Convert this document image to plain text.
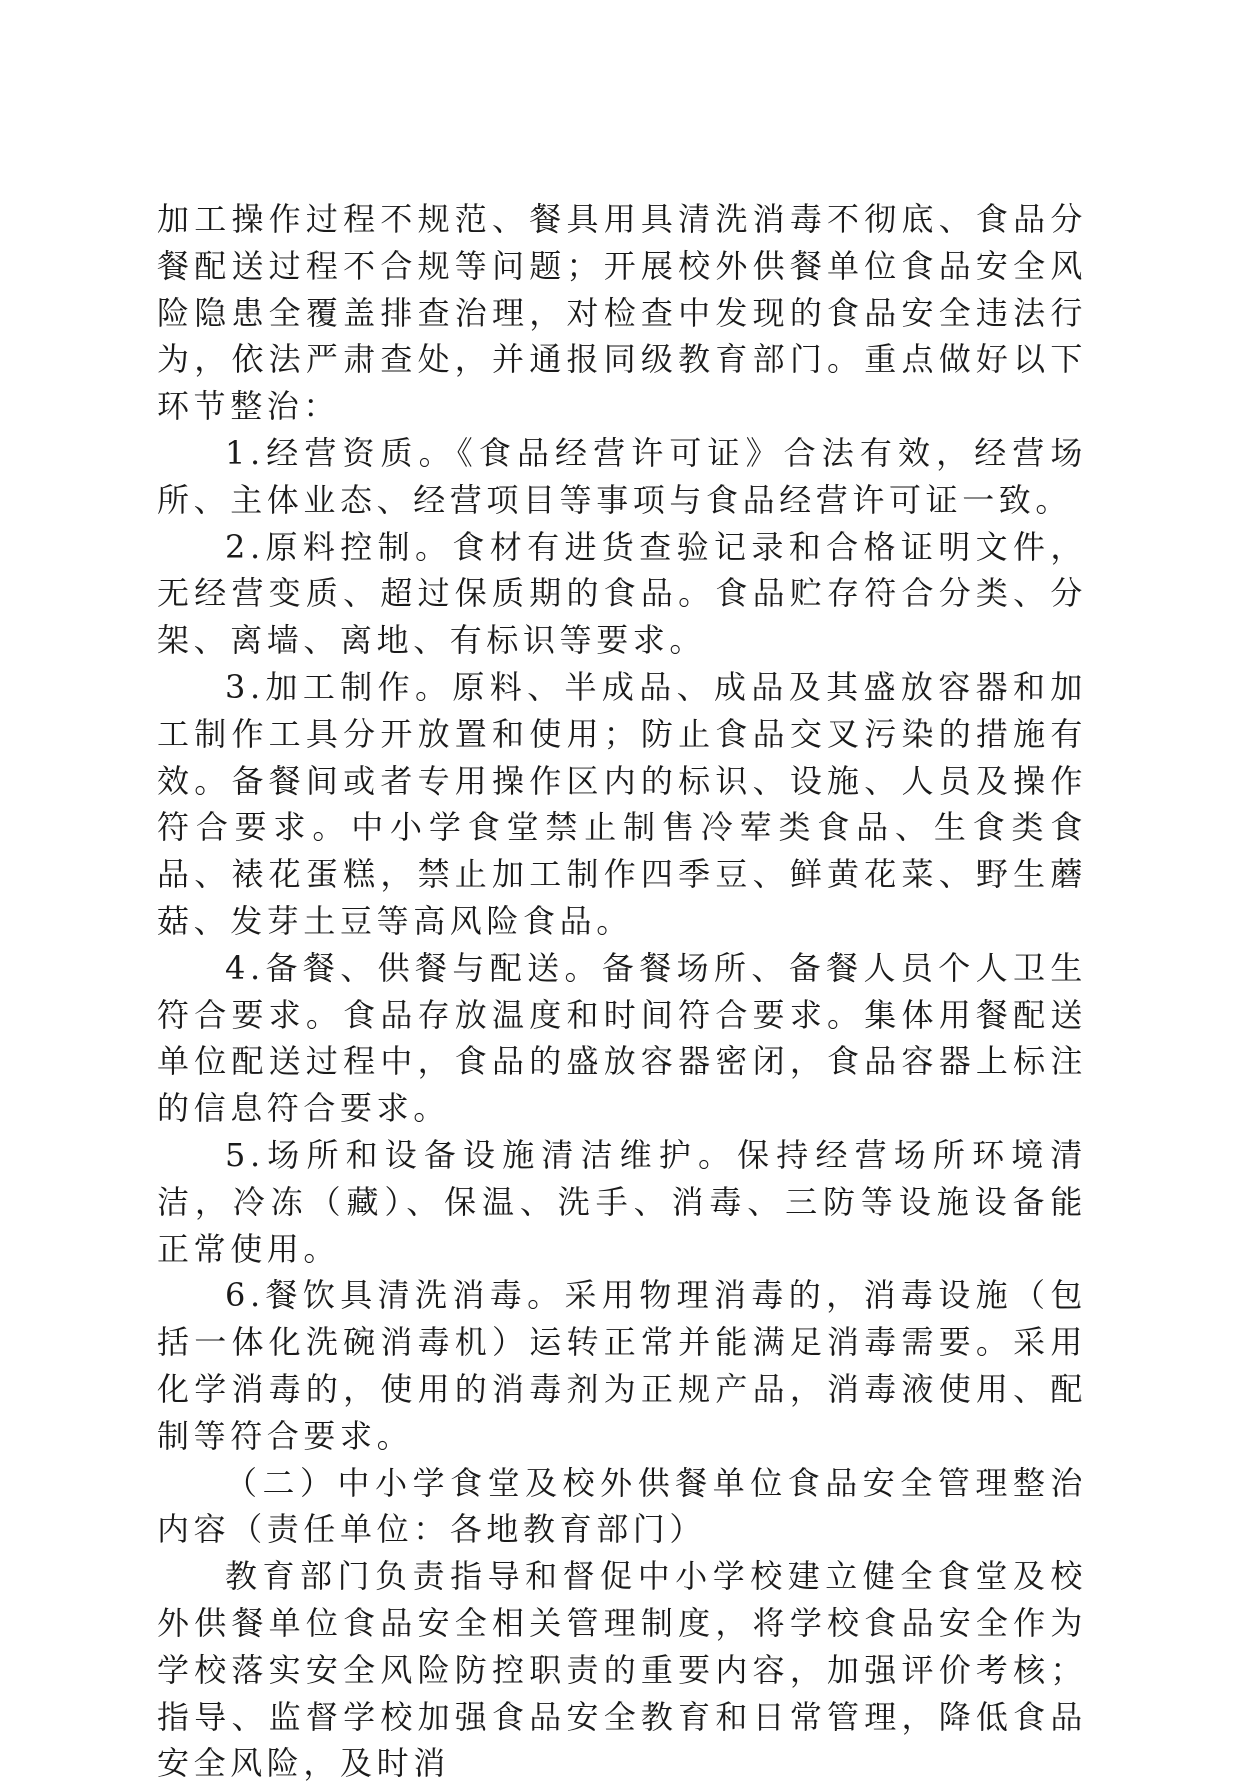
加工操作过程不规范、餐具用具清洗消毒不彻底、食品分餐配送过程不合规等问题；开展校外供餐单位食品安全风险隐患全覆盖排查治理，对检查中发现的食品安全违法行为，依法严肃查处，并通报同级教育部门。重点做好以下环节整治：

1.经营资质。《食品经营许可证》合法有效，经营场所、主体业态、经营项目等事项与食品经营许可证一致。

2.原料控制。食材有进货查验记录和合格证明文件，无经营变质、超过保质期的食品。食品贮存符合分类、分架、离墙、离地、有标识等要求。

3.加工制作。原料、半成品、成品及其盛放容器和加工制作工具分开放置和使用；防止食品交叉污染的措施有效。备餐间或者专用操作区内的标识、设施、人员及操作符合要求。中小学食堂禁止制售冷荤类食品、生食类食品、裱花蛋糕，禁止加工制作四季豆、鲜黄花菜、野生蘑菇、发芽土豆等高风险食品。

4.备餐、供餐与配送。备餐场所、备餐人员个人卫生符合要求。食品存放温度和时间符合要求。集体用餐配送单位配送过程中，食品的盛放容器密闭，食品容器上标注的信息符合要求。

5.场所和设备设施清洁维护。保持经营场所环境清洁，冷冻（藏）、保温、洗手、消毒、三防等设施设备能正常使用。

6.餐饮具清洗消毒。采用物理消毒的，消毒设施（包括一体化洗碗消毒机）运转正常并能满足消毒需要。采用化学消毒的，使用的消毒剂为正规产品，消毒液使用、配制等符合要求。

（二）中小学食堂及校外供餐单位食品安全管理整治内容（责任单位：各地教育部门）

教育部门负责指导和督促中小学校建立健全食堂及校外供餐单位食品安全相关管理制度，将学校食品安全作为学校落实安全风险防控职责的重要内容，加强评价考核；指导、监督学校加强食品安全教育和日常管理，降低食品安全风险，及时消
